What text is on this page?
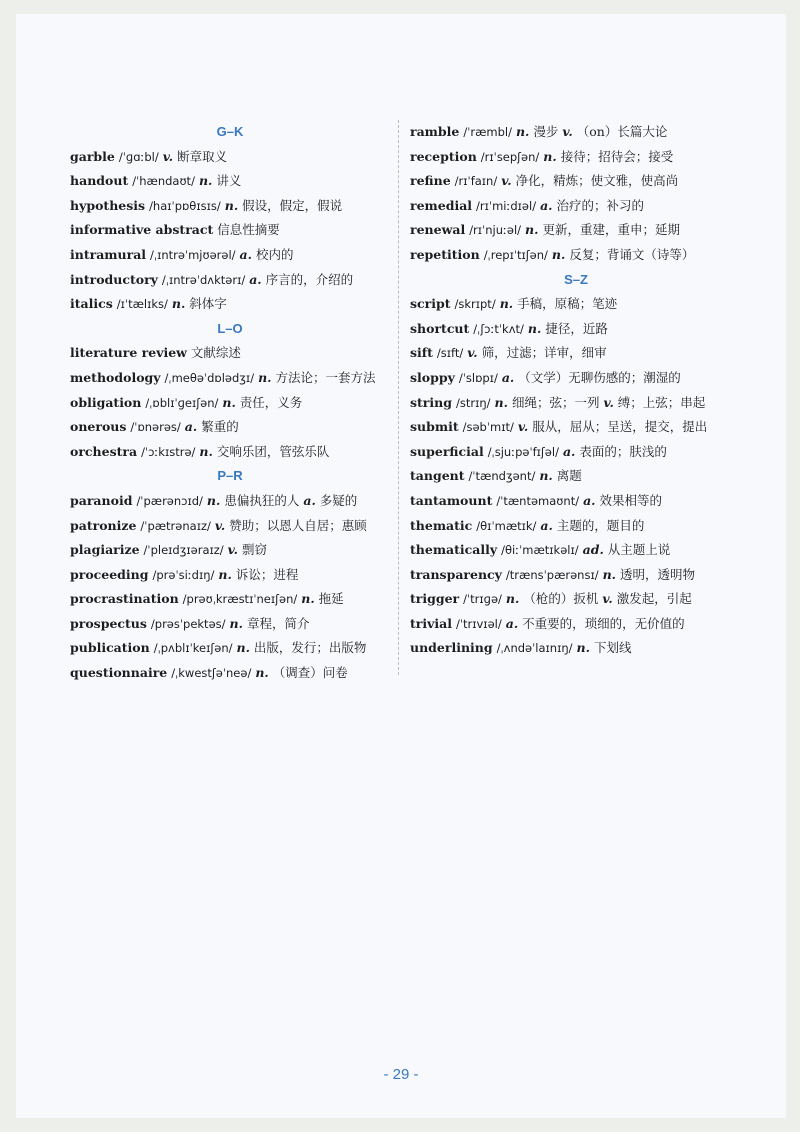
G–K
garble /ˈɡɑːbl/ v. 断章取义
handout /ˈhændaʊt/ n. 讲义
hypothesis /haɪˈpɒθɪsɪs/ n. 假设，假定，假说
informative abstract 信息性摘要
intramural /ˌɪntrəˈmjʊərəl/ a. 校内的
introductory /ˌɪntrəˈdʌktərɪ/ a. 序言的，介绍的
italics /ɪˈtælɪks/ n. 斜体字
L–O
literature review 文献综述
methodology /ˌmeθəˈdɒlədʒɪ/ n. 方法论；一套方法
obligation /ˌɒblɪˈɡeɪʃən/ n. 责任，义务
onerous /ˈɒnərəs/ a. 繁重的
orchestra /ˈɔːkɪstrə/ n. 交响乐团，管弦乐队
P–R
paranoid /ˈpærənɔɪd/ n. 患偏执狂的人 a. 多疑的
patronize /ˈpætrənaɪz/ v. 赞助；以恩人自居；惠顾
plagiarize /ˈpleɪdʒɪəraɪz/ v. 剽窃
proceeding /prəˈsiːdɪŋ/ n. 诉讼；进程
procrastination /prəʊˌkræstɪˈneɪʃən/ n. 拖延
prospectus /prəsˈpektəs/ n. 章程，简介
publication /ˌpʌblɪˈkeɪʃən/ n. 出版，发行；出版物
questionnaire /ˌkwestʃəˈneə/ n. （调查）问卷
ramble /ˈræmbl/ n. 漫步 v. （on）长篇大论
reception /rɪˈsepʃən/ n. 接待；招待会；接受
refine /rɪˈfaɪn/ v. 净化，精炼；使文雅，使高尚
remedial /rɪˈmiːdɪəl/ a. 治疗的；补习的
renewal /rɪˈnjuːəl/ n. 更新，重建，重申；延期
repetition /ˌrepɪˈtɪʃən/ n. 反复；背诵文（诗等）
S–Z
script /skrɪpt/ n. 手稿，原稿；笔迹
shortcut /ˌʃɔːtˈkʌt/ n. 捷径，近路
sift /sɪft/ v. 筛，过滤；详审，细审
sloppy /ˈslɒpɪ/ a. （文学）无聊伤感的；潮湿的
string /strɪŋ/ n. 细绳；弦；一列 v. 缚；上弦；串起
submit /səbˈmɪt/ v. 服从，屈从；呈送，提交，提出
superficial /ˌsjuːpəˈfɪʃəl/ a. 表面的；肤浅的
tangent /ˈtændʒənt/ n. 离题
tantamount /ˈtæntəmaʊnt/ a. 效果相等的
thematic /θɪˈmætɪk/ a. 主题的，题目的
thematically /θiːˈmætɪkəlɪ/ ad. 从主题上说
transparency /trænsˈpærənsɪ/ n. 透明，透明物
trigger /ˈtrɪɡə/ n. （枪的）扳机 v. 激发起，引起
trivial /ˈtrɪvɪəl/ a. 不重要的，琐细的，无价值的
underlining /ˌʌndəˈlaɪnɪŋ/ n. 下划线
- 29 -
